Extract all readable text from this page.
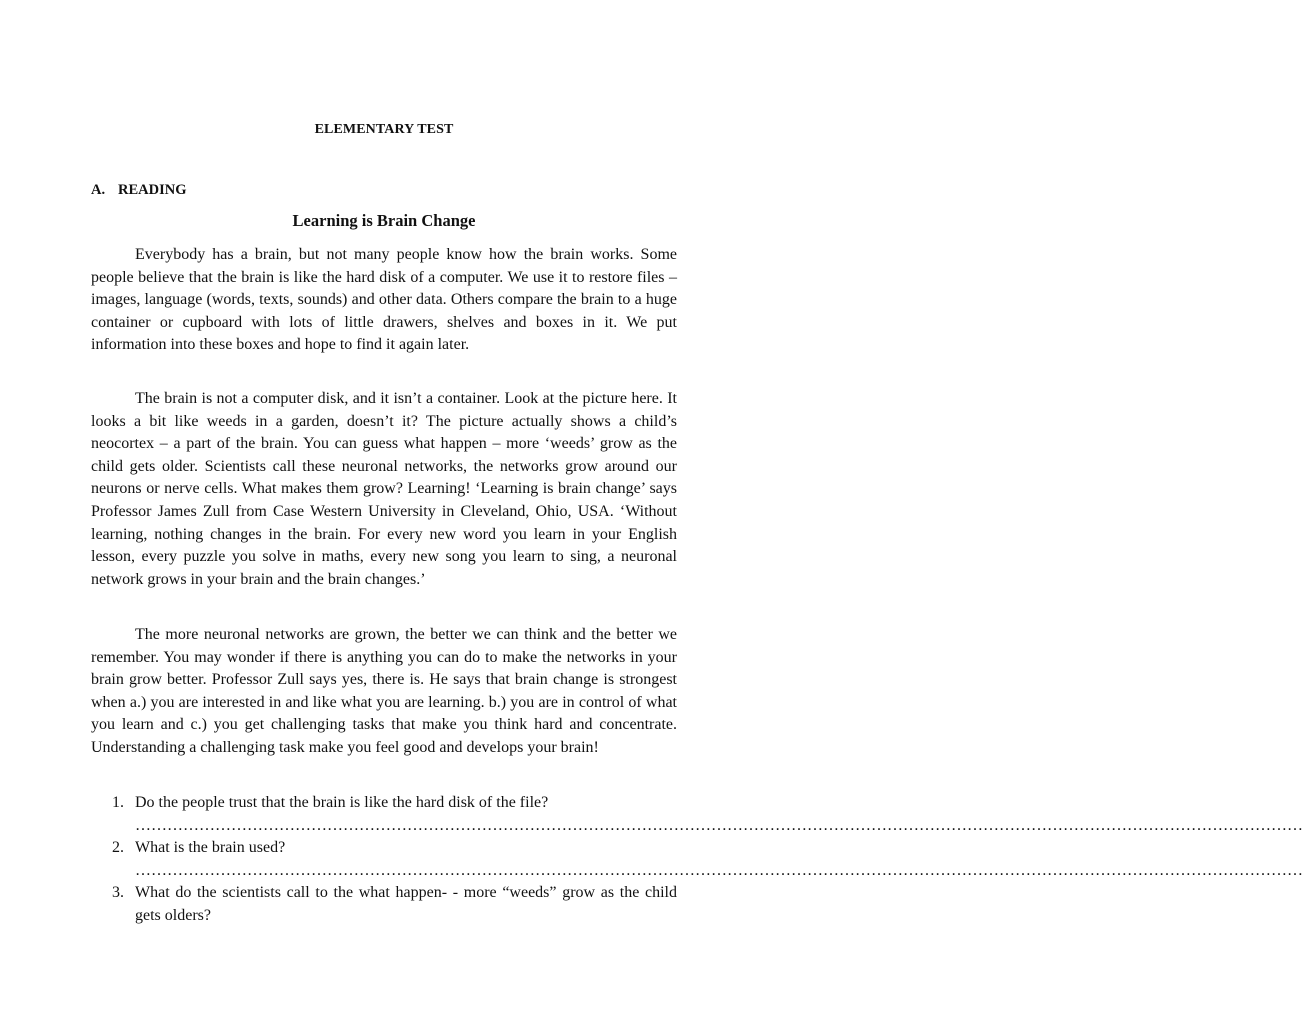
ELEMENTARY TEST
A. READING
Learning is Brain Change

Everybody has a brain, but not many people know how the brain works. Some people believe that the brain is like the hard disk of a computer. We use it to restore files – images, language (words, texts, sounds) and other data. Others compare the brain to a huge container or cupboard with lots of little drawers, shelves and boxes in it. We put information into these boxes and hope to find it again later.

The brain is not a computer disk, and it isn’t a container. Look at the picture here. It looks a bit like weeds in a garden, doesn’t it? The picture actually shows a child’s neocortex – a part of the brain. You can guess what happen – more ‘weeds’ grow as the child gets older. Scientists call these neuronal networks, the networks grow around our neurons or nerve cells. What makes them grow? Learning! ‘Learning is brain change’ says Professor James Zull from Case Western University in Cleveland, Ohio, USA. ‘Without learning, nothing changes in the brain. For every new word you learn in your English lesson, every puzzle you solve in maths, every new song you learn to sing, a neuronal network grows in your brain and the brain changes.’

The more neuronal networks are grown, the better we can think and the better we remember. You may wonder if there is anything you can do to make the networks in your brain grow better. Professor Zull says yes, there is. He says that brain change is strongest when a.) you are interested in and like what you are learning. b.) you are in control of what you learn and c.) you get challenging tasks that make you think hard and concentrate. Understanding a challenging task make you feel good and develops your brain!

1. Do the people trust that the brain is like the hard disk of the file?
…………………………………………………………………………………………………………………………………………………………………………………………………
2. What is the brain used?
…………………………………………………………………………………………………………………………………………………………………………………………………
3. What do the scientists call to the what happen- - more “weeds” grow as the child gets olders?
